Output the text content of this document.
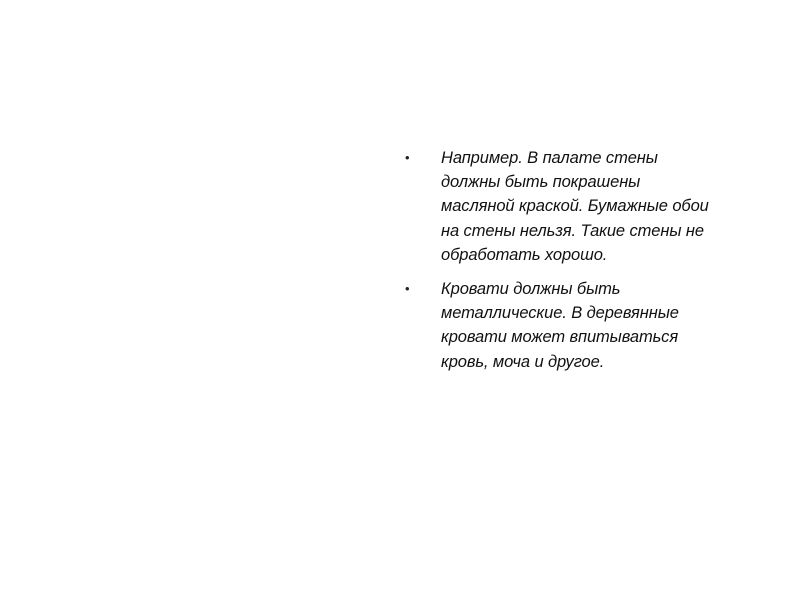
• Например. В палате стены
должны быть покрашены
масляной краской. Бумажные обои
на стены нельзя. Такие стены не
обработать хорошо.
• Кровати должны быть
металлические. В деревянные
кровати может впитываться
кровь, моча и другое.
